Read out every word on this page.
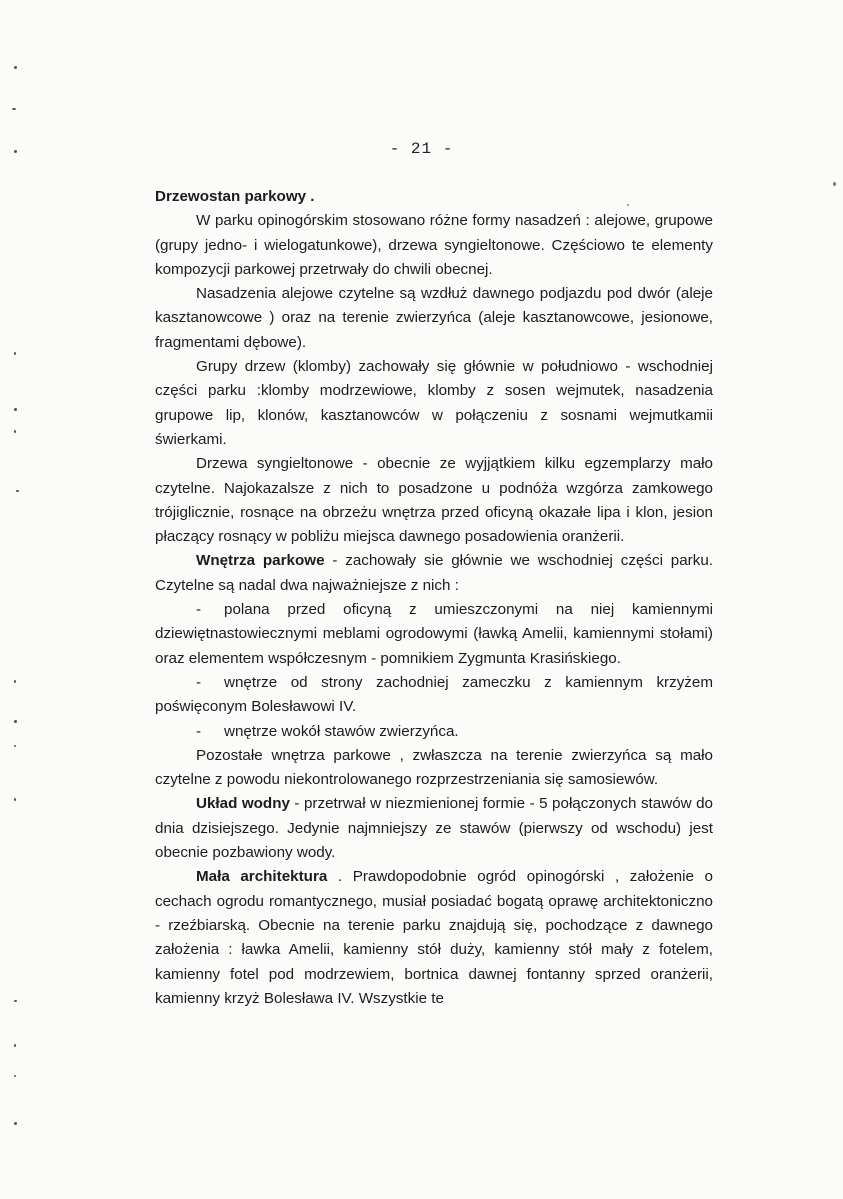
- 21 -

Drzewostan parkowy .

W parku opinogórskim stosowano różne formy nasadzeń : alejowe, grupowe (grupy jedno- i wielogatunkowe), drzewa syngieltonowe. Częściowo te elementy kompozycji parkowej przetrwały do chwili obecnej.

Nasadzenia alejowe czytelne są wzdłuż dawnego podjazdu pod dwór (aleje kasztanowcowe ) oraz na terenie zwierzyńca (aleje kasztanowcowe, jesionowe, fragmentami dębowe).

Grupy drzew (klomby) zachowały się głównie w południowo - wschodniej części parku :klomby modrzewiowe, klomby z sosen wejmutek, nasadzenia grupowe lip, klonów, kasztanowców w połączeniu z sosnami wejmutkamii świerkami.

Drzewa syngieltonowe - obecnie ze wyjjątkiem kilku egzemplarzy mało czytelne. Najokazalsze z nich to posadzone u podnóża wzgórza zamkowego trójiglicznie, rosnące na obrzeżu wnętrza przed oficyną okazałe lipa i klon, jesion płaczący rosnący w pobliżu miejsca dawnego posadowienia oranżerii.

Wnętrza parkowe - zachowały sie głównie we wschodniej części parku. Czytelne są nadal dwa najważniejsze z nich :

- polana przed oficyną z umieszczonymi na niej kamiennymi dziewiętnastowiecznymi meblami ogrodowymi (ławką Amelii, kamiennymi stołami) oraz elementem współczesnym - pomnikiem Zygmunta Krasińskiego.

- wnętrze od strony zachodniej zameczku z kamiennym krzyżem poświęconym Bolesławowi IV.

- wnętrze wokół stawów zwierzyńca.

Pozostałe wnętrza parkowe , zwłaszcza na terenie zwierzyńca są mało czytelne z powodu niekontrolowanego rozprzestrzeniania się samosiewów.

Układ wodny - przetrwał w niezmienionej formie - 5 połączonych stawów do dnia dzisiejszego. Jedynie najmniejszy ze stawów (pierwszy od wschodu) jest obecnie pozbawiony wody.

Mała architektura . Prawdopodobnie ogród opinogórski , założenie o cechach ogrodu romantycznego, musiał posiadać bogatą oprawę architektoniczno - rzeźbiarską. Obecnie na terenie parku znajdują się, pochodzące z dawnego założenia : ławka Amelii, kamienny stół duży, kamienny stół mały z fotelem, kamienny fotel pod modrzewiem, bortnica dawnej fontanny sprzed oranżerii, kamienny krzyż Bolesława IV. Wszystkie te
